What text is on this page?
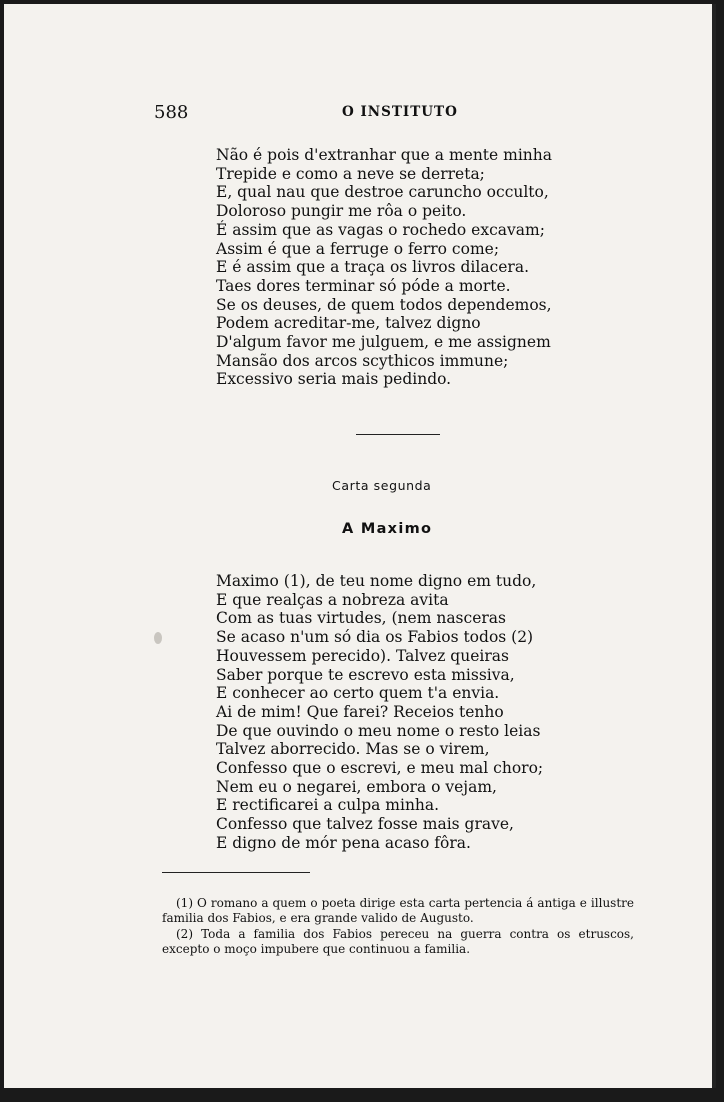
588	O INSTITUTO
Não é pois d'extranhar que a mente minha
Trepide e como a neve se derreta;
E, qual nau que destroe caruncho occulto,
Doloroso pungir me rôa o peito.
É assim que as vagas o rochedo excavam;
Assim é que a ferruge o ferro come;
E é assim que a traça os livros dilacera.
Taes dores terminar só póde a morte.
Se os deuses, de quem todos dependemos,
Podem acreditar-me, talvez digno
D'algum favor me julguem, e me assignem
Mansão dos arcos scythicos immune;
Excessivo seria mais pedindo.
Carta segunda
A Maximo
Maximo (1), de teu nome digno em tudo,
E que realças a nobreza avita
Com as tuas virtudes, (nem nasceras
Se acaso n'um só dia os Fabios todos (2)
Houvessem perecido). Talvez queiras
Saber porque te escrevo esta missiva,
E conhecer ao certo quem t'a envia.
Ai de mim! Que farei? Receios tenho
De que ouvindo o meu nome o resto leias
Talvez aborrecido. Mas se o virem,
Confesso que o escrevi, e meu mal choro;
Nem eu o negarei, embora o vejam,
E rectificarei a culpa minha.
Confesso que talvez fosse mais grave,
E digno de mór pena acaso fôra.
(1) O romano a quem o poeta dirige esta carta pertencia á antiga e illustre familia dos Fabios, e era grande valido de Augusto.
(2) Toda a familia dos Fabios pereceu na guerra contra os etruscos, excepto o moço impubere que continuou a familia.
